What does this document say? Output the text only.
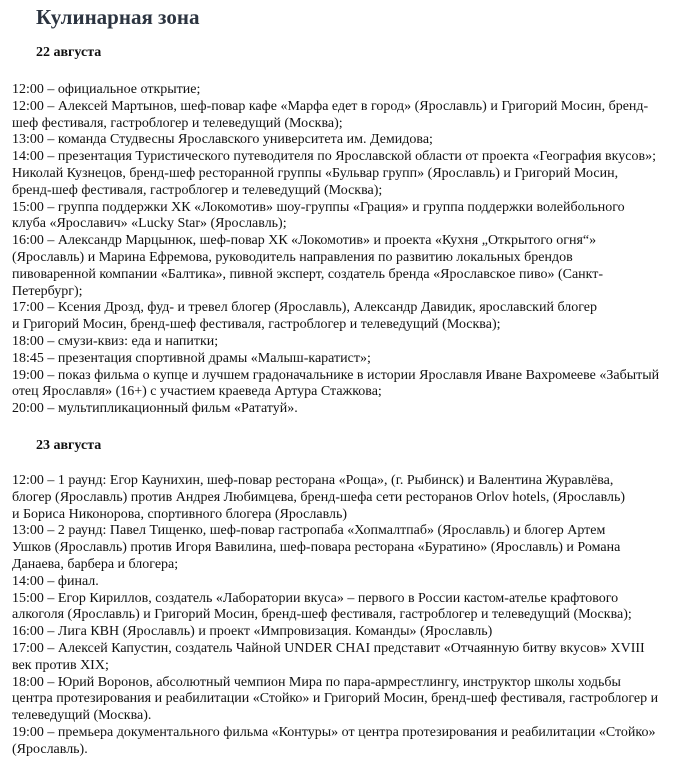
Кулинарная зона
22 августа

12:00 – официальное открытие;

12:00 – Алексей Мартынов, шеф-повар кафе «Марфа едет в город» (Ярославль) и Григорий Мосин, бренд-

шеф фестиваля, гастроблогер и телеведущий (Москва);

13:00 – команда Студвесны Ярославского университета им. Демидова;

14:00 – презентация Туристического путеводителя по Ярославской области от проекта «География вкусов»;

Николай Кузнецов, бренд-шеф ресторанной группы «Бульвар групп» (Ярославль) и Григорий Мосин,

бренд-шеф фестиваля, гастроблогер и телеведущий (Москва);

15:00 – группа поддержки ХК «Локомотив» шоу-группы «Грация» и группа поддержки волейбольного

клуба «Ярославич» «Lucky Star» (Ярославль);

16:00 – Александр Марцынюк, шеф-повар ХК «Локомотив» и проекта «Кухня „Открытого огня“»

(Ярославль) и Марина Ефремова, руководитель направления по развитию локальных брендов

пивоваренной компании «Балтика», пивной эксперт, создатель бренда «Ярославское пиво» (Санкт-

Петербург);

17:00 – Ксения Дрозд, фуд- и тревел блогер (Ярославль), Александр Давидик, ярославский блогер

и Григорий Мосин, бренд-шеф фестиваля, гастроблогер и телеведущий (Москва);

18:00 – смузи-квиз: еда и напитки;

18:45 – презентация спортивной драмы «Малыш-каратист»;

19:00 – показ фильма о купце и лучшем градоначальнике в истории Ярославля Иване Вахромееве «Забытый

отец Ярославля» (16+) с участием краеведа Артура Стажкова;

20:00 – мультипликационный фильм «Рататуй».

23 августа

12:00 – 1 раунд: Егор Каунихин, шеф-повар ресторана «Роща», (г. Рыбинск) и Валентина Журавлёва,

блогер (Ярославль) против Андрея Любимцева, бренд-шефа сети ресторанов Orlov hotels, (Ярославль)

и Бориса Никонорова, спортивного блогера (Ярославль)

13:00 – 2 раунд: Павел Тищенко, шеф-повар гастропаба «Хопмалтпаб» (Ярославль) и блогер Артем

Ушков (Ярославль) против Игоря Вавилина, шеф-повара ресторана «Буратино» (Ярославль) и Романа

Данаева, барбера и блогера;

14:00 – финал.

15:00 – Егор Кириллов, создатель «Лаборатории вкуса» – первого в России кастом-ателье крафтового

алкоголя (Ярославль) и Григорий Мосин, бренд-шеф фестиваля, гастроблогер и телеведущий (Москва);

16:00 – Лига КВН (Ярославль) и проект «Импровизация. Команды» (Ярославль)

17:00 – Алексей Капустин, создатель Чайной UNDER CHAI представит «Отчаянную битву вкусов» XVIII

век против XIX;

18:00 – Юрий Воронов, абсолютный чемпион Мира по пара-армрестлингу, инструктор школы ходьбы

центра протезирования и реабилитации «Стойко» и Григорий Мосин, бренд-шеф фестиваля, гастроблогер и

телеведущий (Москва).

19:00 – премьера документального фильма «Контуры» от центра протезирования и реабилитации «Стойко»

(Ярославль).
